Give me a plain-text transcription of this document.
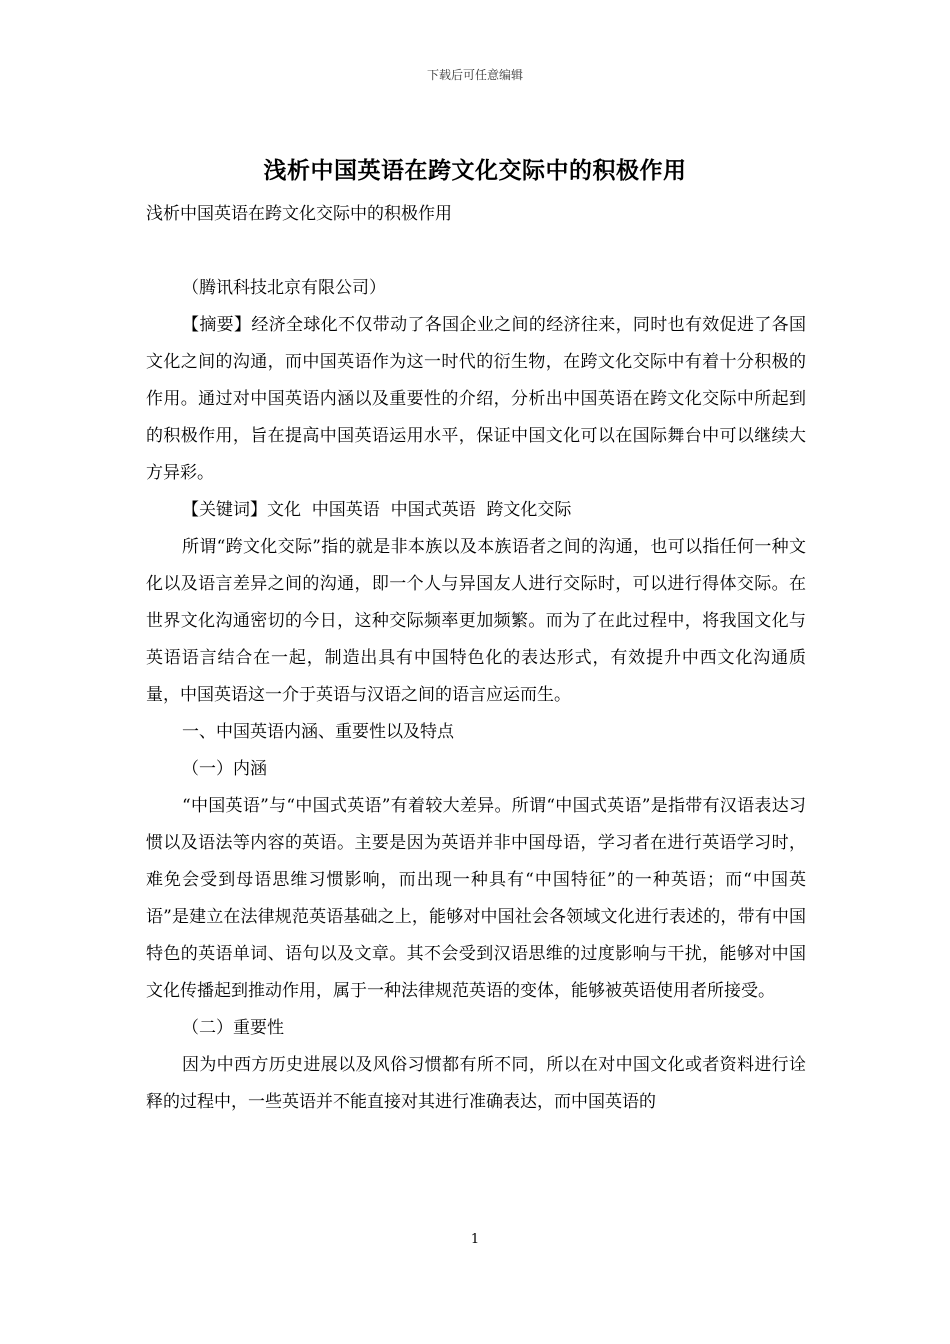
下载后可任意编辑
浅析中国英语在跨文化交际中的积极作用

浅析中国英语在跨文化交际中的积极作用

（腾讯科技北京有限公司）

【摘要】经济全球化不仅带动了各国企业之间的经济往来，同时也有效促进了各国文化之间的沟通，而中国英语作为这一时代的衍生物，在跨文化交际中有着十分积极的作用。通过对中国英语内涵以及重要性的介绍，分析出中国英语在跨文化交际中所起到的积极作用，旨在提高中国英语运用水平，保证中国文化可以在国际舞台中可以继续大方异彩。

【关键词】文化  中国英语  中国式英语  跨文化交际

所谓“跨文化交际”指的就是非本族以及本族语者之间的沟通，也可以指任何一种文化以及语言差异之间的沟通，即一个人与异国友人进行交际时，可以进行得体交际。在世界文化沟通密切的今日，这种交际频率更加频繁。而为了在此过程中，将我国文化与英语语言结合在一起，制造出具有中国特色化的表达形式，有效提升中西文化沟通质量，中国英语这一介于英语与汉语之间的语言应运而生。

一、中国英语内涵、重要性以及特点

（一）内涵

“中国英语”与“中国式英语”有着较大差异。所谓“中国式英语”是指带有汉语表达习惯以及语法等内容的英语。主要是因为英语并非中国母语，学习者在进行英语学习时，难免会受到母语思维习惯影响，而出现一种具有“中国特征”的一种英语；而“中国英语”是建立在法律规范英语基础之上，能够对中国社会各领域文化进行表述的，带有中国特色的英语单词、语句以及文章。其不会受到汉语思维的过度影响与干扰，能够对中国文化传播起到推动作用，属于一种法律规范英语的变体，能够被英语使用者所接受。

（二）重要性

因为中西方历史进展以及风俗习惯都有所不同，所以在对中国文化或者资料进行诠释的过程中，一些英语并不能直接对其进行准确表达，而中国英语的

1
